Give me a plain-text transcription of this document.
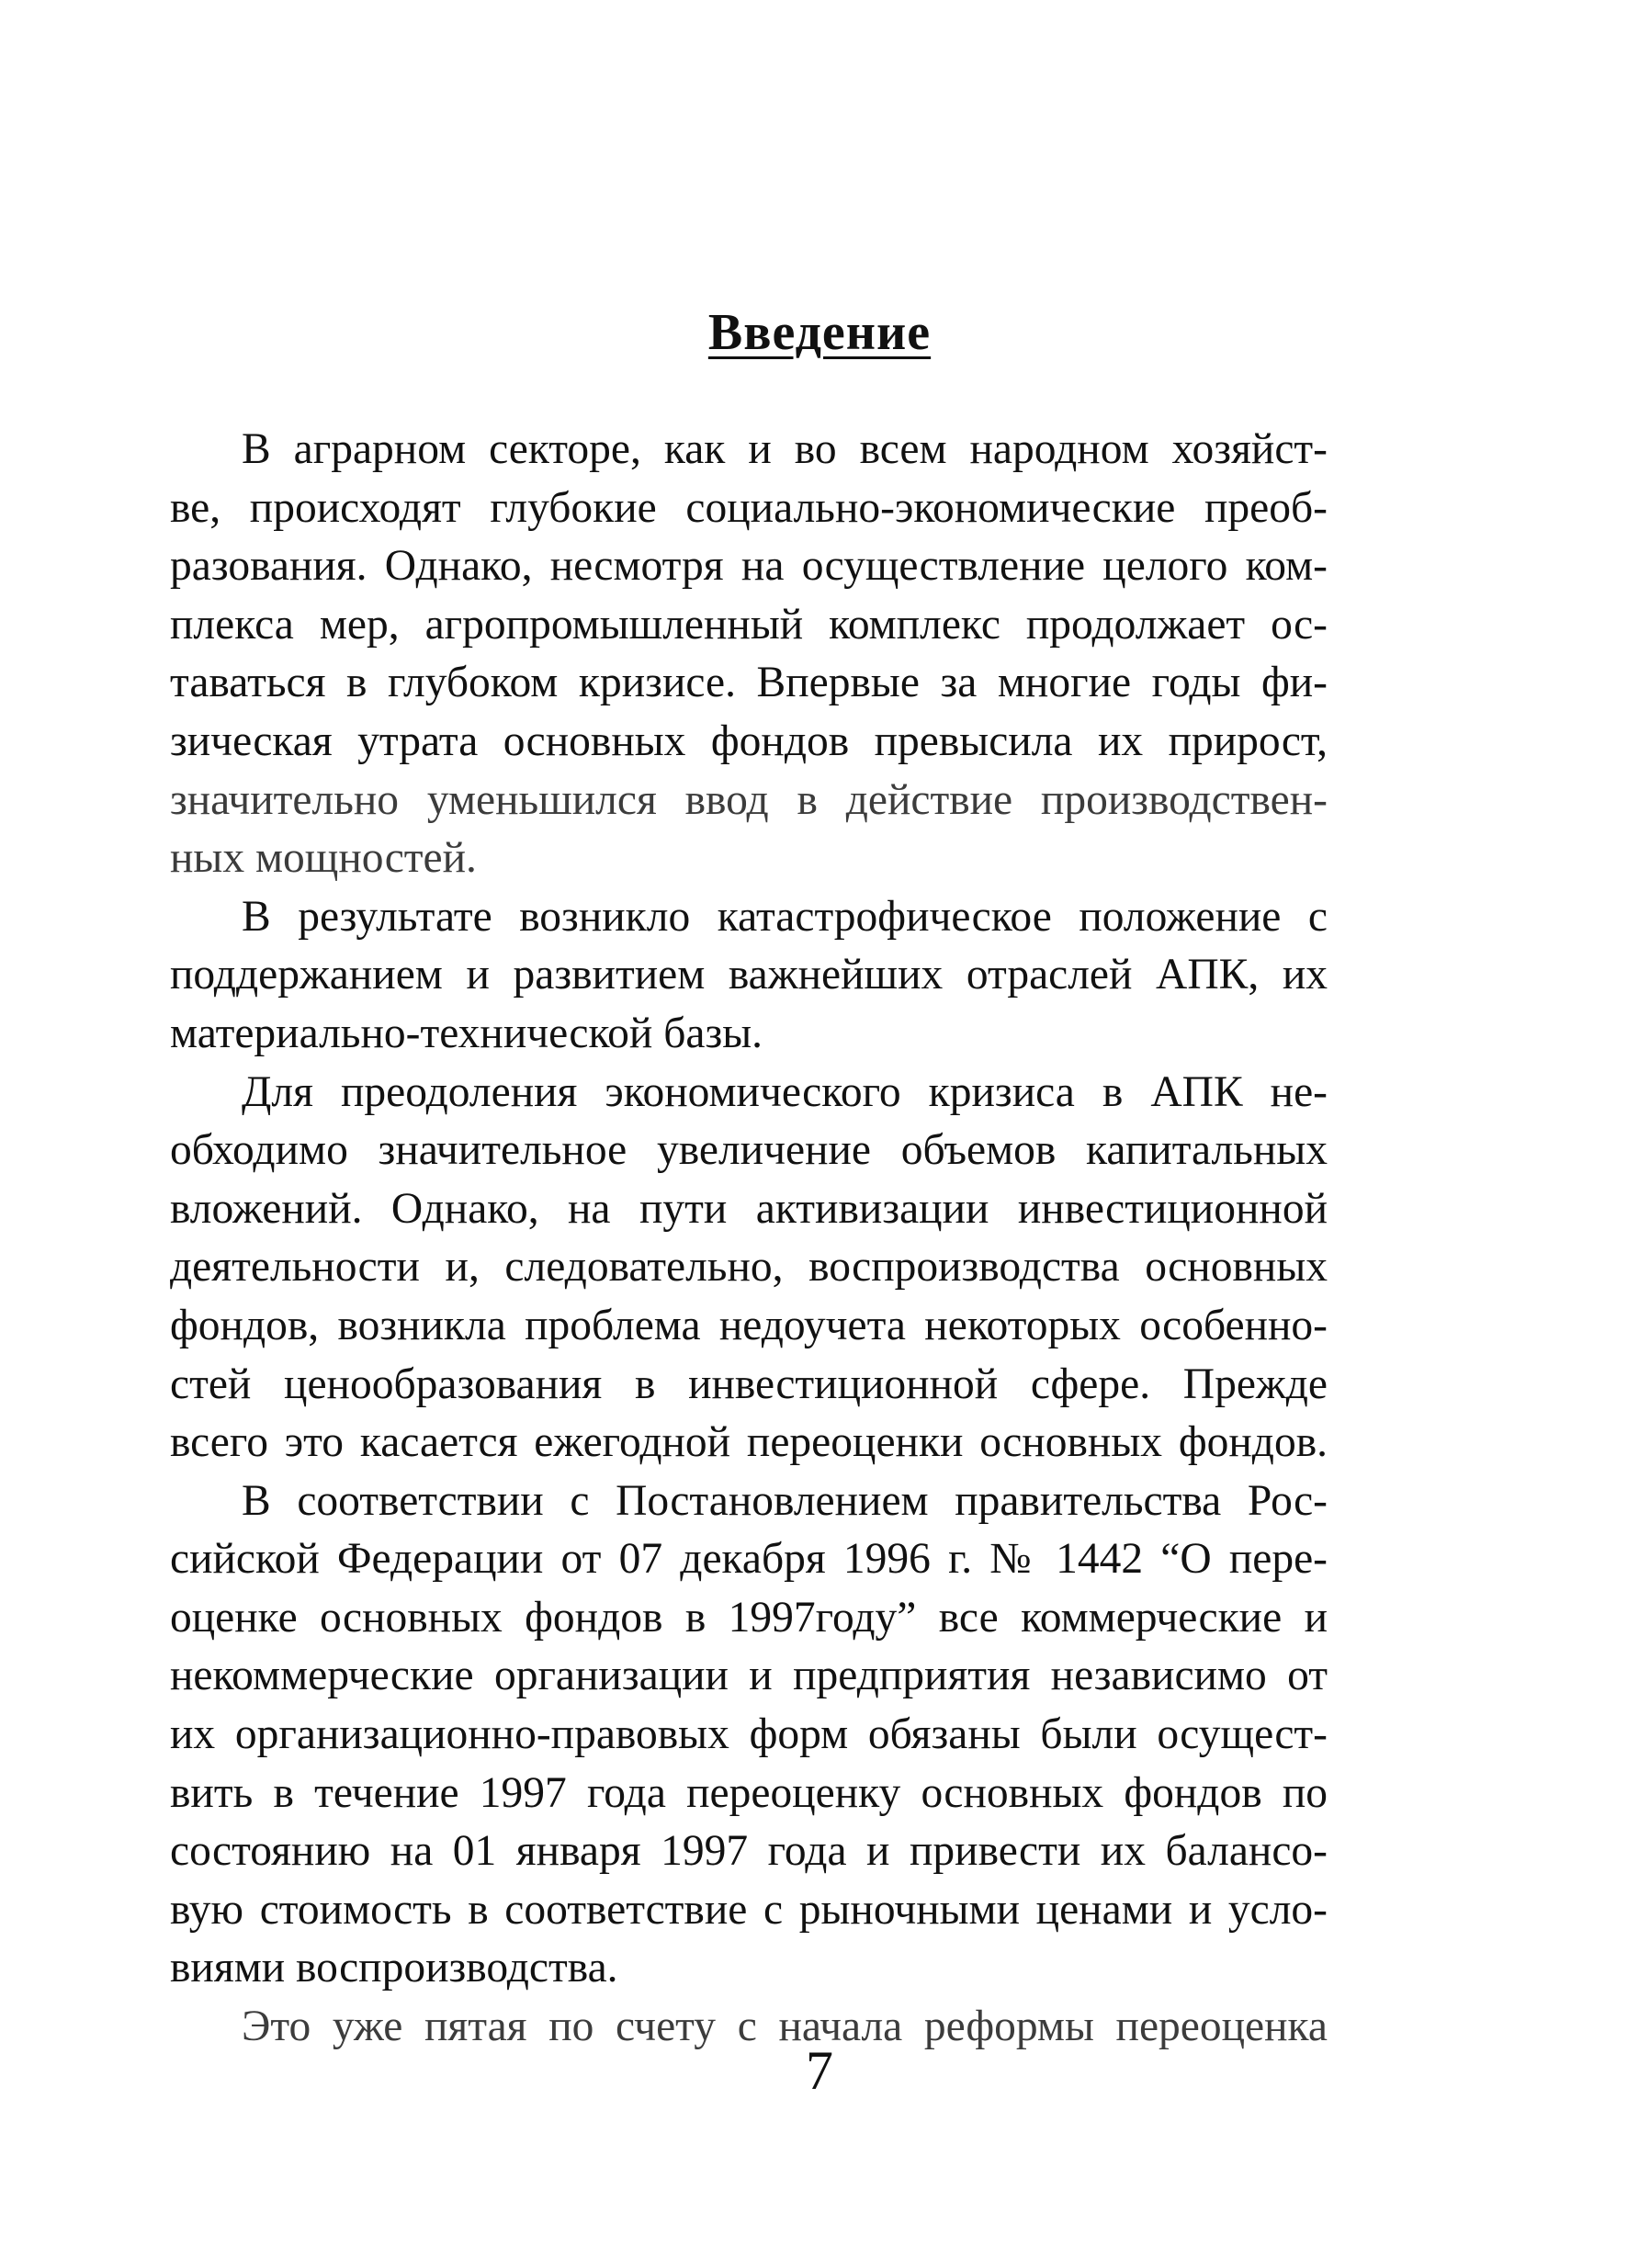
Введение

В аграрном секторе, как и во всем народном хозяйст-
ве, происходят глубокие социально-экономические преоб-
разования. Однако, несмотря на осуществление целого ком-
плекса мер, агропромышленный комплекс продолжает ос-
таваться в глубоком кризисе. Впервые за многие годы фи-
зическая утрата основных фондов превысила их прирост,
значительно уменьшился ввод в действие производствен-
ных мощностей.

В результате возникло катастрофическое положение с
поддержанием и развитием важнейших отраслей АПК, их
материально-технической базы.

Для преодоления экономического кризиса в АПК не-
обходимо значительное увеличение объемов капитальных
вложений. Однако, на пути активизации инвестиционной
деятельности и, следовательно, воспроизводства основных
фондов, возникла проблема недоучета некоторых особенно-
стей ценообразования в инвестиционной сфере. Прежде
всего это касается ежегодной переоценки основных фондов.

В соответствии с Постановлением правительства Рос-
сийской Федерации от 07 декабря 1996 г. № 1442 “О пере-
оценке основных фондов в 1997году” все коммерческие и
некоммерческие организации и предприятия независимо от
их организационно-правовых форм обязаны были осущест-
вить в течение 1997 года переоценку основных фондов по
состоянию на 01 января 1997 года и привести их балансо-
вую стоимость в соответствие с рыночными ценами и усло-
виями воспроизводства.

Это уже пятая по счету с начала реформы переоценка

7
